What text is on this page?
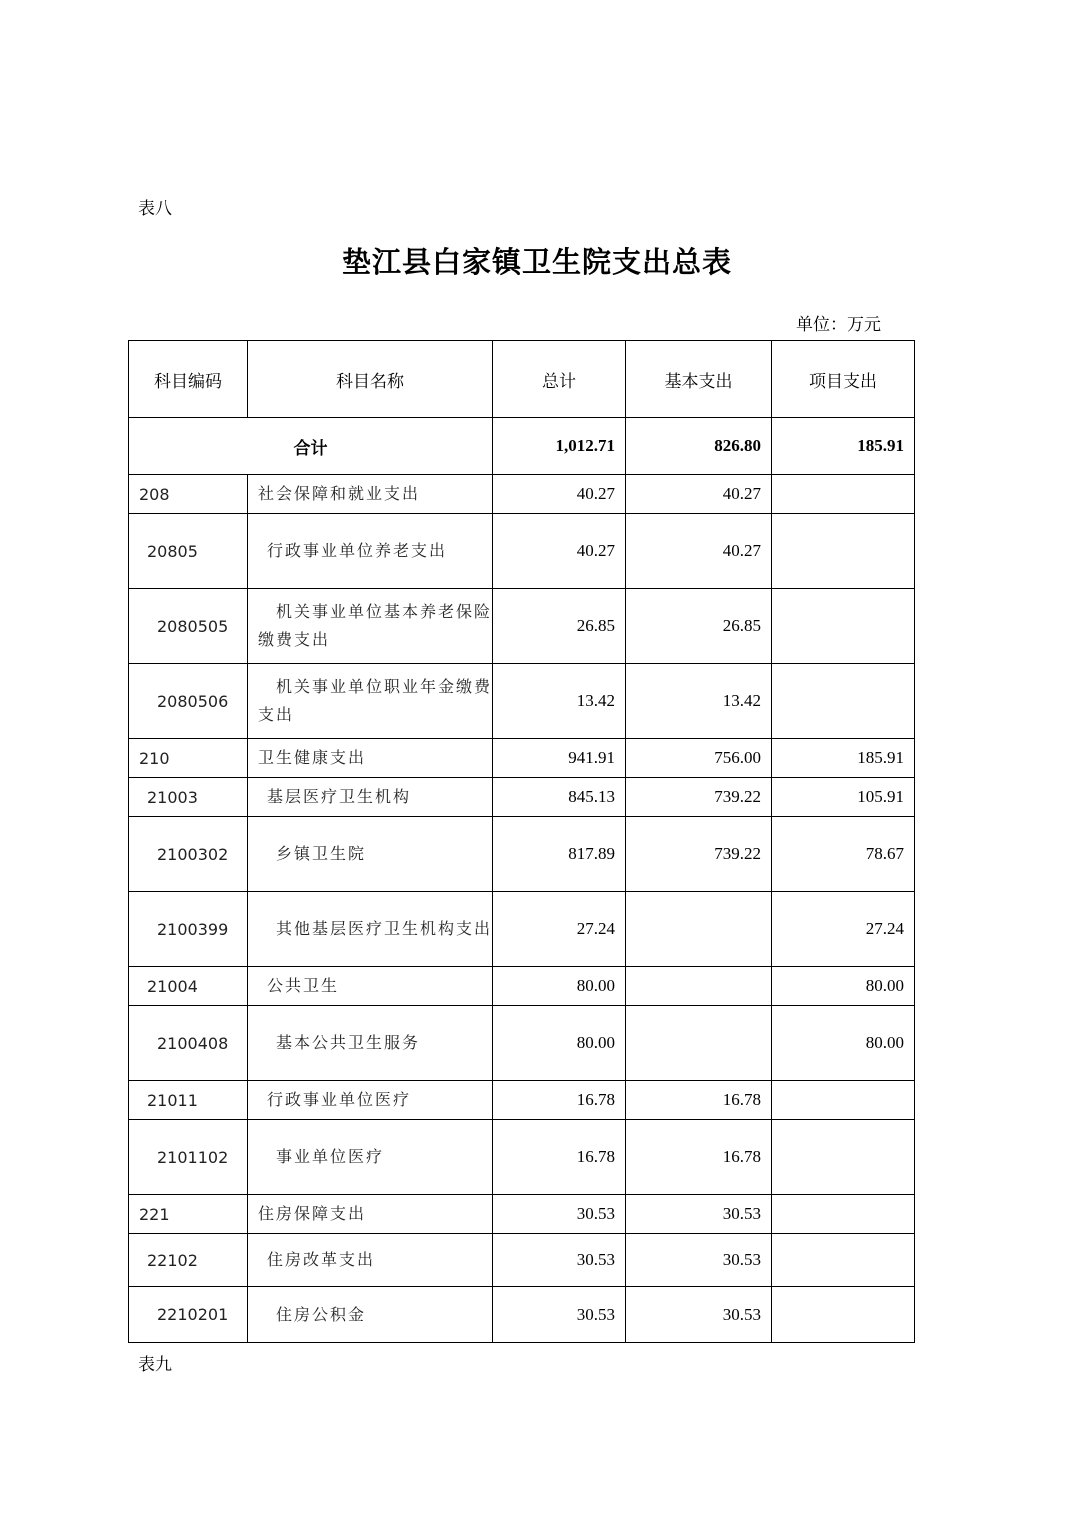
表八
垫江县白家镇卫生院支出总表
单位：万元
科目编码	科目名称	总计	基本支出	项目支出
合计		1,012.71	826.80	185.91
208	社会保障和就业支出	40.27	40.27	
20805	行政事业单位养老支出	40.27	40.27	
2080505	机关事业单位基本养老保险缴费支出	26.85	26.85	
2080506	机关事业单位职业年金缴费支出	13.42	13.42	
210	卫生健康支出	941.91	756.00	185.91
21003	基层医疗卫生机构	845.13	739.22	105.91
2100302	乡镇卫生院	817.89	739.22	78.67
2100399	其他基层医疗卫生机构支出	27.24		27.24
21004	公共卫生	80.00		80.00
2100408	基本公共卫生服务	80.00		80.00
21011	行政事业单位医疗	16.78	16.78	
2101102	事业单位医疗	16.78	16.78	
221	住房保障支出	30.53	30.53	
22102	住房改革支出	30.53	30.53	
2210201	住房公积金	30.53	30.53	
表九
